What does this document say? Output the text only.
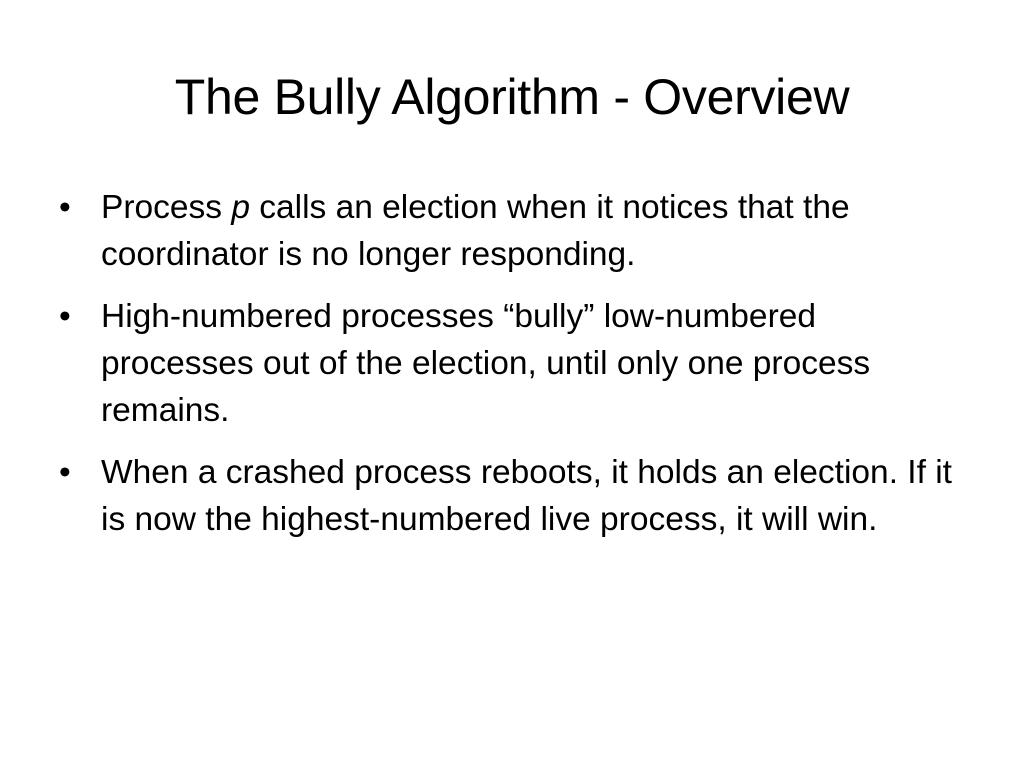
The Bully Algorithm - Overview
• Process p calls an election when it notices that the coordinator is no longer responding.
• High-numbered processes “bully” low-numbered processes out of the election, until only one process remains.
• When a crashed process reboots, it holds an election. If it is now the highest-numbered live process, it will win.
